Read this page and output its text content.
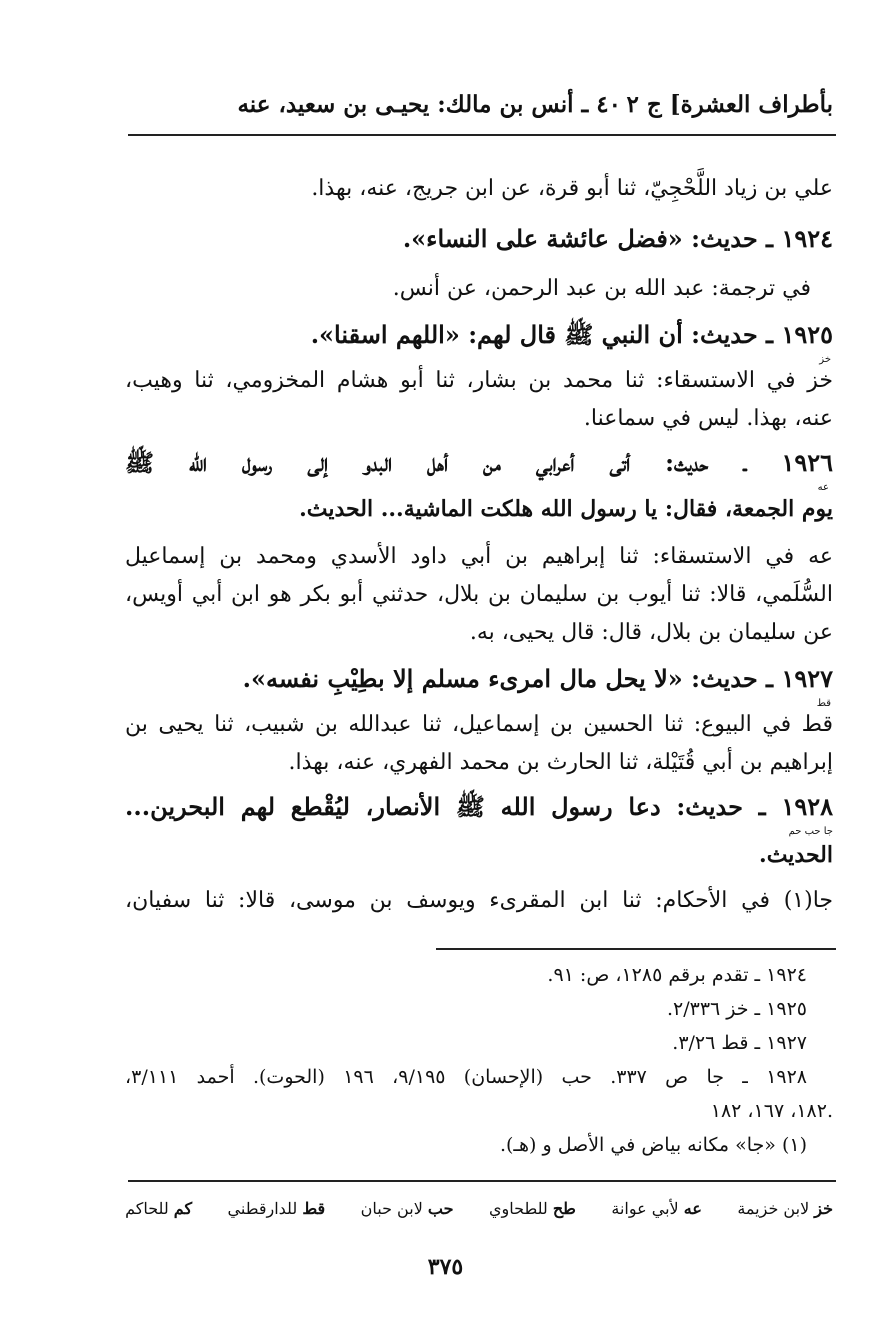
بأطراف العشرة] ج ٢
٤٠ ـ أنس بن مالك: يحيـى بن سعيد، عنه
علي بن زياد اللَّحْجِيّ، ثنا أبو قرة، عن ابن جريج، عنه، بهذا.
١٩٢٤ ـ حديث: «فضل عائشة على النساء».
في ترجمة: عبد الله بن عبد الرحمن، عن أنس.
١٩٢٥ ـ حديث: أن النبي ﷺ قال لهم: «اللهم اسقنا».
خز
خز في الاستسقاء: ثنا محمد بن بشار، ثنا أبو هشام المخزومي، ثنا وهيب،
عنه، بهذا. ليس في سماعنا.
١٩٢٦ ـ حديث: أتى أعرابي من أهل البدو إلى رسول الله ﷺ
عه
يوم الجمعة، فقال: يا رسول الله هلكت الماشية... الحديث.
عه في الاستسقاء: ثنا إبراهيم بن أبي داود الأسدي ومحمد بن إسماعيل
السُّلَمي، قالا: ثنا أيوب بن سليمان بن بلال، حدثني أبو بكر هو ابن أبي أويس،
عن سليمان بن بلال، قال: قال يحيى، به.
١٩٢٧ ـ حديث: «لا يحل مال امرىء مسلم إلا بطِيْبِ نفسه».
قط
قط في البيوع: ثنا الحسين بن إسماعيل، ثنا عبدالله بن شبيب، ثنا يحيى بن
إبراهيم بن أبي قُتَيْلة، ثنا الحارث بن محمد الفهري، عنه، بهذا.
١٩٢٨ ـ حديث: دعا رسول الله ﷺ الأنصار، ليُقْطع لهم البحرين...
جا حب حم
الحديث.
جا(١) في الأحكام: ثنا ابن المقرىء ويوسف بن موسى، قالا: ثنا سفيان،
١٩٢٤ ـ تقدم برقم ١٢٨٥، ص: ٩١.
١٩٢٥ ـ خز ٢/٣٣٦.
١٩٢٧ ـ قط ٣/٢٦.
١٩٢٨ ـ جا ص ٣٣٧. حب (الإحسان) ٩/١٩٥، ١٩٦ (الحوت). أحمد ٣/١١١،
١٨٢، ١٦٧، ١٨٢.
(١) «جا» مكانه بياض في الأصل و (هـ).
خز لابن خزيمة
عه لأبي عوانة
طح للطحاوي
حب لابن حبان
قط للدارقطني
كم للحاكم
٣٧٥
